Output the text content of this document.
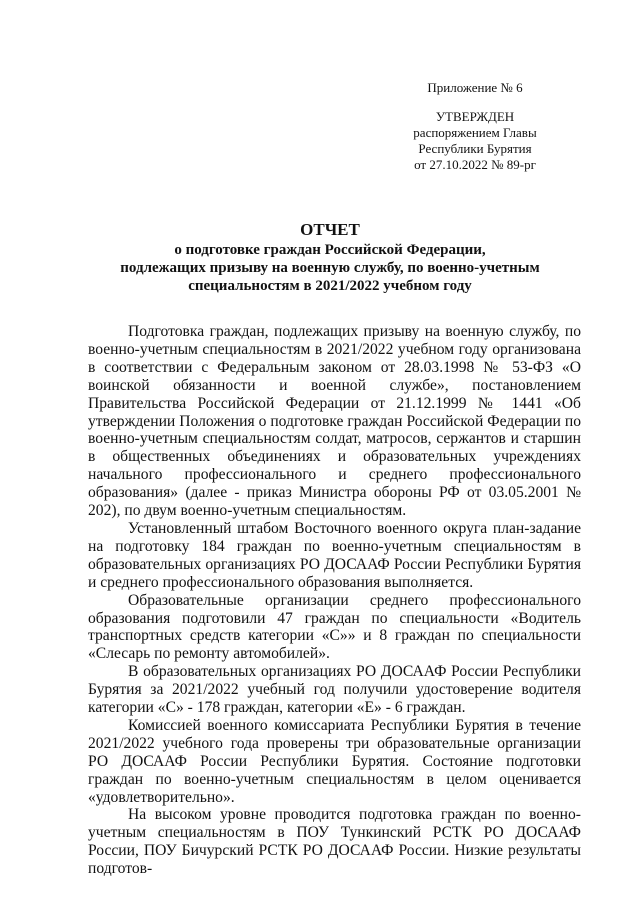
Приложение № 6
УТВЕРЖДЕН
распоряжением Главы
Республики Бурятия
от 27.10.2022 № 89-рг
ОТЧЕТ
о подготовке граждан Российской Федерации,
подлежащих призыву на военную службу, по военно-учетным
специальностям в 2021/2022 учебном году

Подготовка граждан, подлежащих призыву на военную службу, по военно-учетным специальностям в 2021/2022 учебном году организована в соответствии с Федеральным законом от 28.03.1998 № 53-ФЗ «О воинской обязанности и военной службе», постановлением Правительства Российской Федерации от 21.12.1999 № 1441 «Об утверждении Положения о подготовке граждан Российской Федерации по военно-учетным специальностям солдат, матросов, сержантов и старшин в общественных объединениях и образовательных учреждениях начального профессионального и среднего профессионального образования» (далее - приказ Министра обороны РФ от 03.05.2001 № 202), по двум военно-учетным специальностям.

Установленный штабом Восточного военного округа план-задание на подготовку 184 граждан по военно-учетным специальностям в образовательных организациях РО ДОСААФ России Республики Бурятия и среднего профессионального образования выполняется.

Образовательные организации среднего профессионального образования подготовили 47 граждан по специальности «Водитель транспортных средств категории «С»» и 8 граждан по специальности «Слесарь по ремонту автомобилей».

В образовательных организациях РО ДОСААФ России Республики Бурятия за 2021/2022 учебный год получили удостоверение водителя категории «С» - 178 граждан, категории «Е» - 6 граждан.

Комиссией военного комиссариата Республики Бурятия в течение 2021/2022 учебного года проверены три образовательные организации РО ДОСААФ России Республики Бурятия. Состояние подготовки граждан по военно-учетным специальностям в целом оценивается «удовлетворительно».

На высоком уровне проводится подготовка граждан по военно-учетным специальностям в ПОУ Тункинский РСТК РО ДОСААФ России, ПОУ Бичурский РСТК РО ДОСААФ России. Низкие результаты подготов-
